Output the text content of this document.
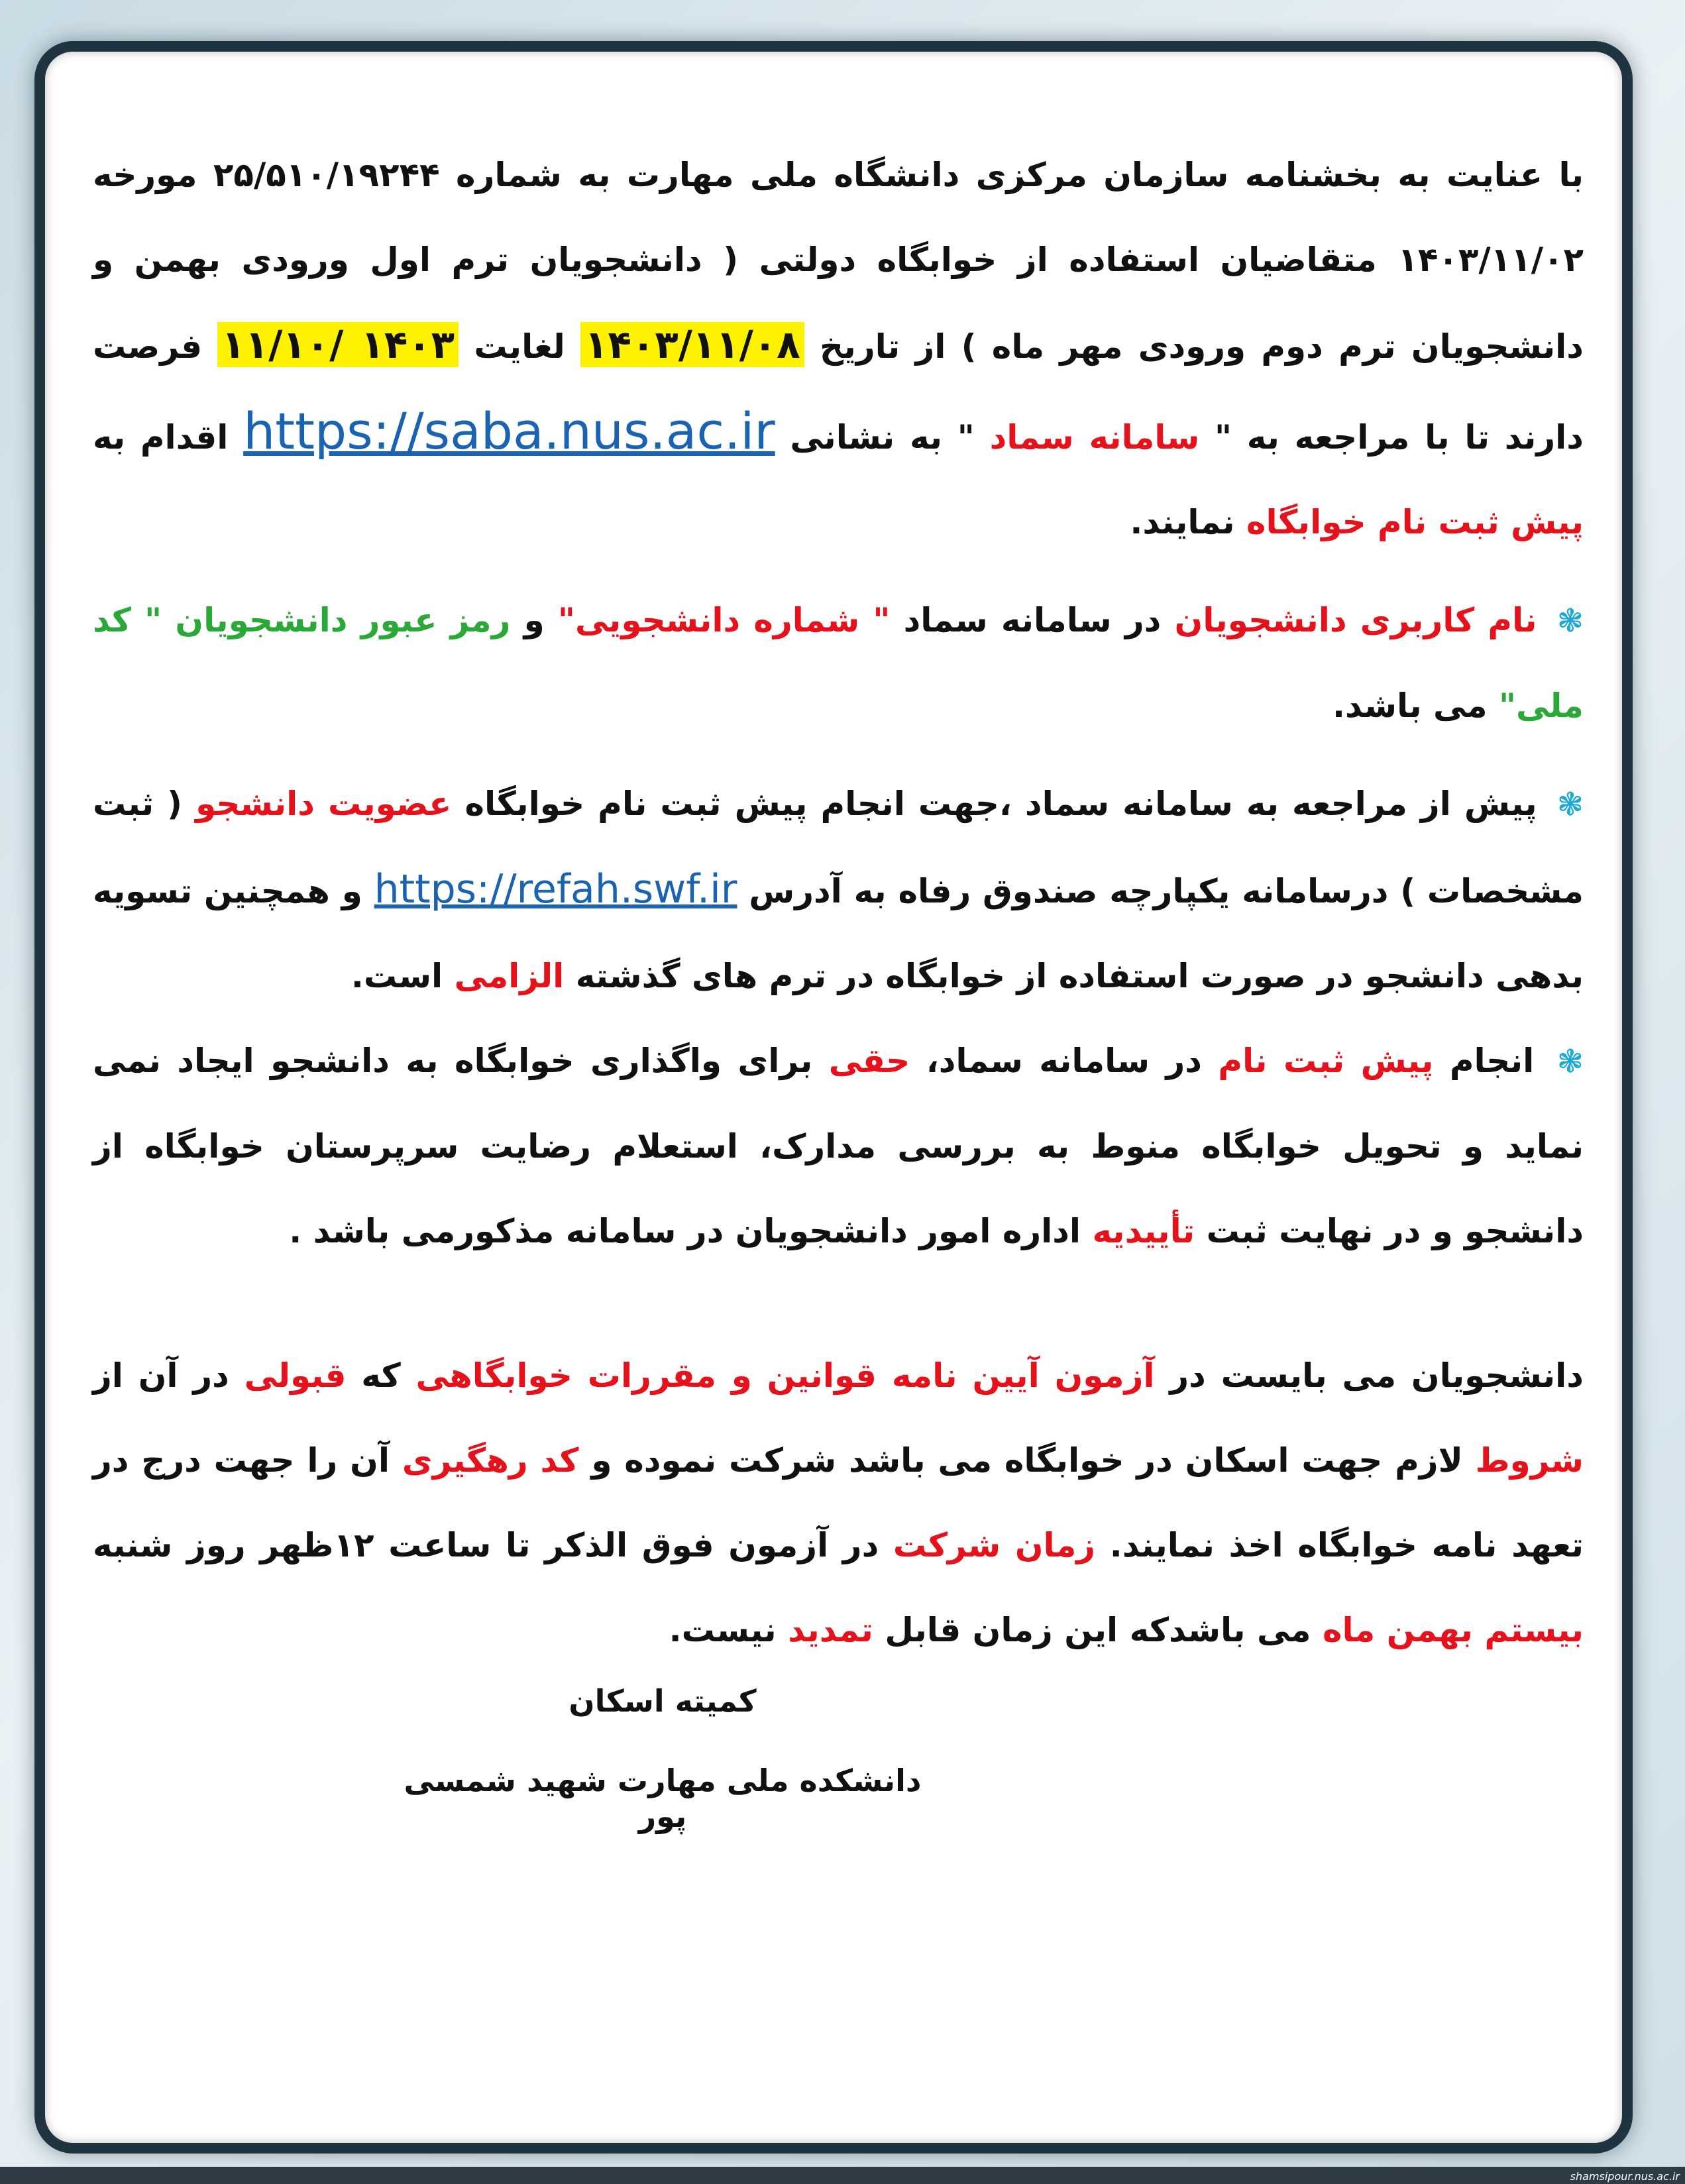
با عنایت به بخشنامه سازمان مرکزی دانشگاه ملی مهارت به شماره ۲۵/۵۱۰/۱۹۲۴۴ مورخه ۱۴۰۳/۱۱/۰۲ متقاضیان استفاده از خوابگاه دولتی ( دانشجویان ترم اول ورودی بهمن و دانشجویان ترم دوم ورودی مهر ماه ) از تاریخ ۱۴۰۳/۱۱/۰۸ لغایت ۱۴۰۳ /۱۱/۱۰ فرصت دارند تا با مراجعه به " سامانه سماد " به نشانی https://saba.nus.ac.ir اقدام به پیش ثبت نام خوابگاه نمایند.

❃ نام کاربری دانشجویان در سامانه سماد " شماره دانشجویی" و رمز عبور دانشجویان " کد ملی" می باشد.

❃ پیش از مراجعه به سامانه سماد ،جهت انجام پیش ثبت نام خوابگاه عضویت دانشجو ( ثبت مشخصات ) درسامانه یکپارچه صندوق رفاه به آدرس https://refah.swf.ir و همچنین تسویه بدهی دانشجو در صورت استفاده از خوابگاه در ترم های گذشته الزامی است.

❃ انجام پیش ثبت نام در سامانه سماد، حقی برای واگذاری خوابگاه به دانشجو ایجاد نمی نماید و تحویل خوابگاه منوط به بررسی مدارک، استعلام رضایت سرپرستان خوابگاه از دانشجو و در نهایت ثبت تأییدیه اداره امور دانشجویان در سامانه مذکورمی باشد .

دانشجویان می بایست در آزمون آیین نامه قوانین و مقررات خوابگاهی که قبولی در آن از شروط لازم جهت اسکان در خوابگاه می باشد شرکت نموده و کد رهگیری آن را جهت درج در تعهد نامه خوابگاه اخذ نمایند. زمان شرکت در آزمون فوق الذکر تا ساعت ۱۲ظهر روز شنبه بیستم بهمن ماه می باشدکه این زمان قابل تمدید نیست.

کمیته اسکان
دانشکده ملی مهارت شهید شمسی پور
shamsipour.nus.ac.ir
